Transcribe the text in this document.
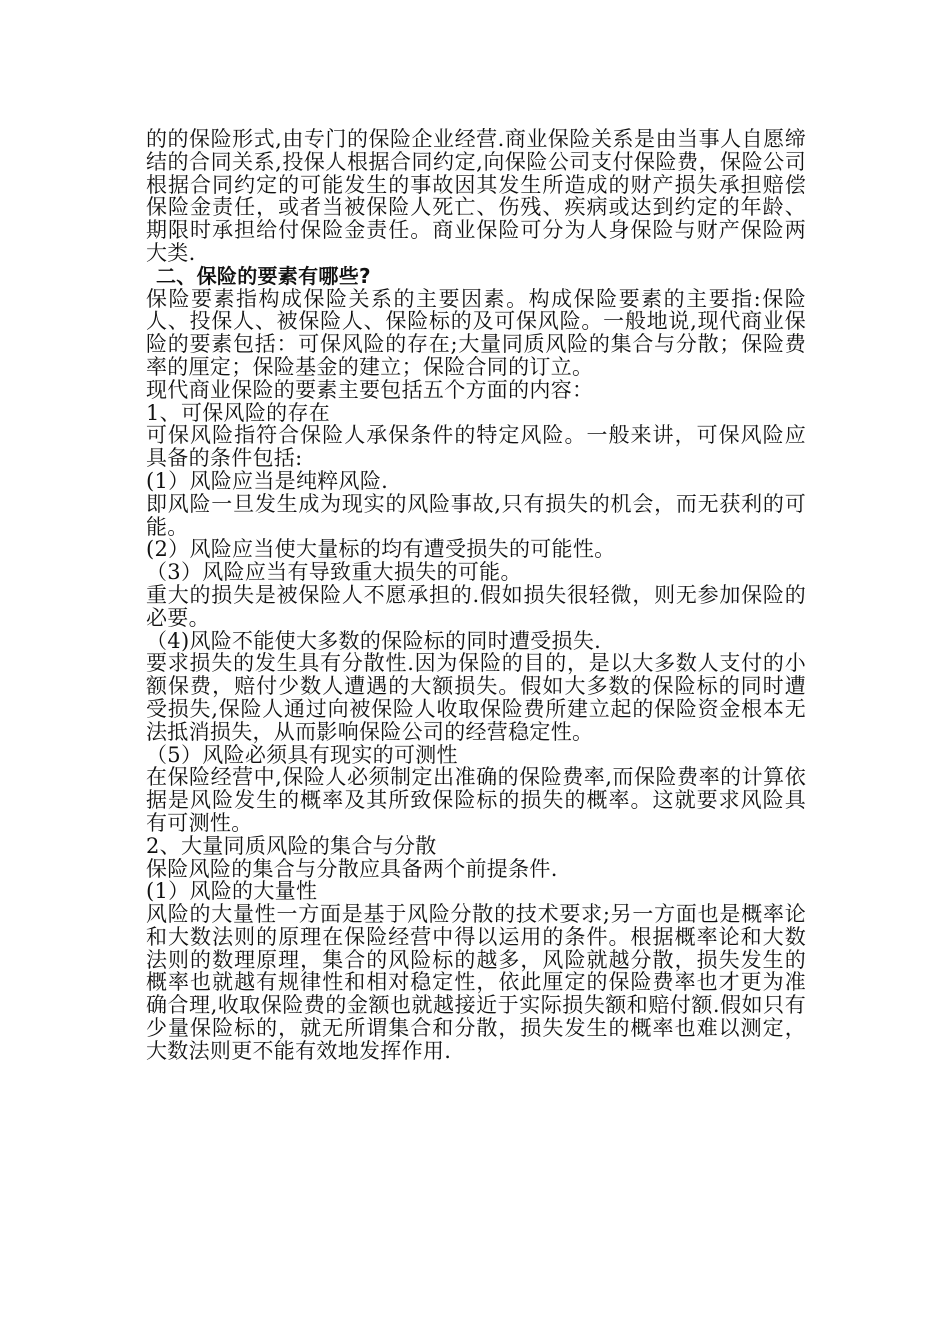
的的保险形式,由专门的保险企业经营.商业保险关系是由当事人自愿缔结的合同关系,投保人根据合同约定,向保险公司支付保险费，保险公司根据合同约定的可能发生的事故因其发生所造成的财产损失承担赔偿保险金责任，或者当被保险人死亡、伤残、疾病或达到约定的年龄、期限时承担给付保险金责任。商业保险可分为人身保险与财产保险两大类.

二、保险的要素有哪些?

保险要素指构成保险关系的主要因素。构成保险要素的主要指:保险人、投保人、被保险人、保险标的及可保风险。一般地说,现代商业保险的要素包括：可保风险的存在;大量同质风险的集合与分散；保险费率的厘定；保险基金的建立；保险合同的订立。

现代商业保险的要素主要包括五个方面的内容：

1、可保风险的存在

可保风险指符合保险人承保条件的特定风险。一般来讲，可保风险应具备的条件包括:

(1）风险应当是纯粹风险.

即风险一旦发生成为现实的风险事故,只有损失的机会，而无获利的可能。

(2）风险应当使大量标的均有遭受损失的可能性。

（3）风险应当有导致重大损失的可能。

重大的损失是被保险人不愿承担的.假如损失很轻微，则无参加保险的必要。

（4)风险不能使大多数的保险标的同时遭受损失.

要求损失的发生具有分散性.因为保险的目的，是以大多数人支付的小额保费，赔付少数人遭遇的大额损失。假如大多数的保险标的同时遭受损失,保险人通过向被保险人收取保险费所建立起的保险资金根本无法抵消损失，从而影响保险公司的经营稳定性。

（5）风险必须具有现实的可测性

在保险经营中,保险人必须制定出准确的保险费率,而保险费率的计算依据是风险发生的概率及其所致保险标的损失的概率。这就要求风险具有可测性。

2、大量同质风险的集合与分散

保险风险的集合与分散应具备两个前提条件.

(1）风险的大量性

风险的大量性一方面是基于风险分散的技术要求;另一方面也是概率论和大数法则的原理在保险经营中得以运用的条件。根据概率论和大数法则的数理原理，集合的风险标的越多，风险就越分散，损失发生的概率也就越有规律性和相对稳定性，依此厘定的保险费率也才更为准确合理,收取保险费的金额也就越接近于实际损失额和赔付额.假如只有少量保险标的，就无所谓集合和分散，损失发生的概率也难以测定，大数法则更不能有效地发挥作用.
